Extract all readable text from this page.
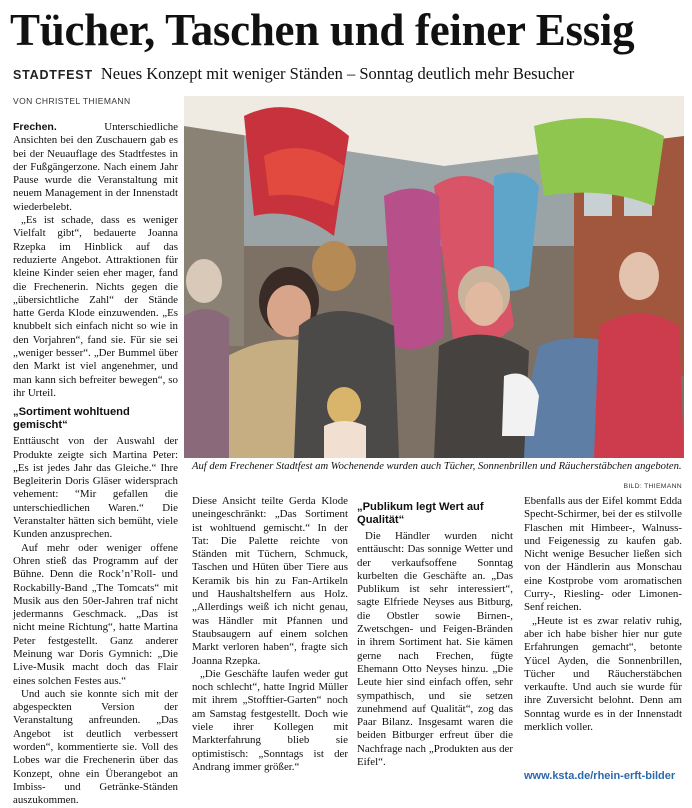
Tücher, Taschen und feiner Essig
STADTFEST Neues Konzept mit weniger Ständen – Sonntag deutlich mehr Besucher
VON CHRISTEL THIEMANN

Frechen.	Unterschiedliche Ansichten bei den Zuschauern gab es bei der Neuauflage des Stadtfestes in der Fußgängerzone. Nach einem Jahr Pause wurde die Veranstaltung mit neuem Management in der Innenstadt wiederbelebt.

„Es ist schade, dass es weniger Vielfalt gibt“, bedauerte Joanna Rzepka im Hinblick auf das reduzierte Angebot. Attraktionen für kleine Kinder seien eher mager, fand die Frechenerin. Nichts gegen die „übersichtliche Zahl“ der Stände hatte Gerda Klode einzuwenden. „Es knubbelt sich einfach nicht so wie in den Vorjahren“, fand sie. Für sie sei „weniger besser“. „Der Bummel über den Markt ist viel angenehmer, und man kann sich befreiter bewegen“, so ihr Urteil.

„Sortiment wohltuend gemischt“

Enttäuscht von der Auswahl der Produkte zeigte sich Martina Peter: „Es ist jedes Jahr das Gleiche.“ Ihre Begleiterin Doris Gläser widersprach vehement: “Mir gefallen die unterschiedlichen Waren.“ Die Veranstalter hätten sich bemüht, viele Kunden anzusprechen.

Auf mehr oder weniger offene Ohren stieß das Programm auf der Bühne. Denn die Rock’n’Roll- und Rockabilly-Band „The Tomcats“ mit Musik aus den 50er-Jahren traf nicht jedermanns Geschmack. „Das ist nicht meine Richtung“, hatte Martina Peter festgestellt. Ganz anderer Meinung war Doris Gymnich: „Die Live-Musik macht doch das Flair eines solchen Festes aus.“

Und auch sie konnte sich mit der abgespeckten Version der Veranstaltung anfreunden. „Das Angebot ist deutlich verbessert worden“, kommentierte sie. Voll des Lobes war die Frechenerin über das Konzept, ohne ein Überangebot an Imbiss- und Getränke-Ständen auszukommen.

Auf dem Frechener Stadtfest am Wochenende wurden auch Tücher, Sonnenbrillen und Räucherstäbchen angeboten.
BILD: THIEMANN

Diese Ansicht teilte Gerda Klode uneingeschränkt: „Das Sortiment ist wohltuend gemischt.“ In der Tat: Die Palette reichte von Ständen mit Tüchern, Schmuck, Taschen und Hüten über Tiere aus Keramik bis hin zu Fan-Artikeln und Haushaltshelfern aus Holz. „Allerdings weiß ich nicht genau, was Händler mit Pfannen und Staubsaugern auf einem solchen Markt verloren haben“, fragte sich Joanna Rzepka.

„Die Geschäfte laufen weder gut noch schlecht“, hatte Ingrid Müller mit ihrem „Stofftier-Garten“ noch am Samstag festgestellt. Doch wie viele ihrer Kollegen mit Markterfahrung blieb sie optimistisch: „Sonntags ist der Andrang immer größer.“

„Publikum legt Wert auf Qualität“

Die Händler wurden nicht enttäuscht: Das sonnige Wetter und der verkaufsoffene Sonntag kurbelten die Geschäfte an. „Das Publikum ist sehr interessiert“, sagte Elfriede Neyses aus Bitburg, die Obstler sowie Birnen-, Zwetschgen- und Feigen-Bränden in ihrem Sortiment hat. Sie kämen gerne nach Frechen, fügte Ehemann Otto Neyses hinzu. „Die Leute hier sind einfach offen, sehr sympathisch, und sie setzen zunehmend auf Qualität“, zog das Paar Bilanz. Insgesamt waren die beiden Bitburger erfreut über die Nachfrage nach „Produkten aus der Eifel“.

Ebenfalls aus der Eifel kommt Edda Specht-Schirmer, bei der es stilvolle Flaschen mit Himbeer-, Walnuss- und Feigenessig zu kaufen gab. Nicht wenige Besucher ließen sich von der Händlerin aus Monschau eine Kostprobe vom aromatischen Curry-, Riesling- oder Limonen-Senf reichen.

„Heute ist es zwar relativ ruhig, aber ich habe bisher hier nur gute Erfahrungen gemacht“, betonte Yücel Ayden, die Sonnenbrillen, Tücher und Räucherstäbchen verkaufte. Und auch sie wurde für ihre Zuversicht belohnt. Denn am Sonntag wurde es in der Innenstadt merklich voller.

www.ksta.de/rhein-erft-bilder
